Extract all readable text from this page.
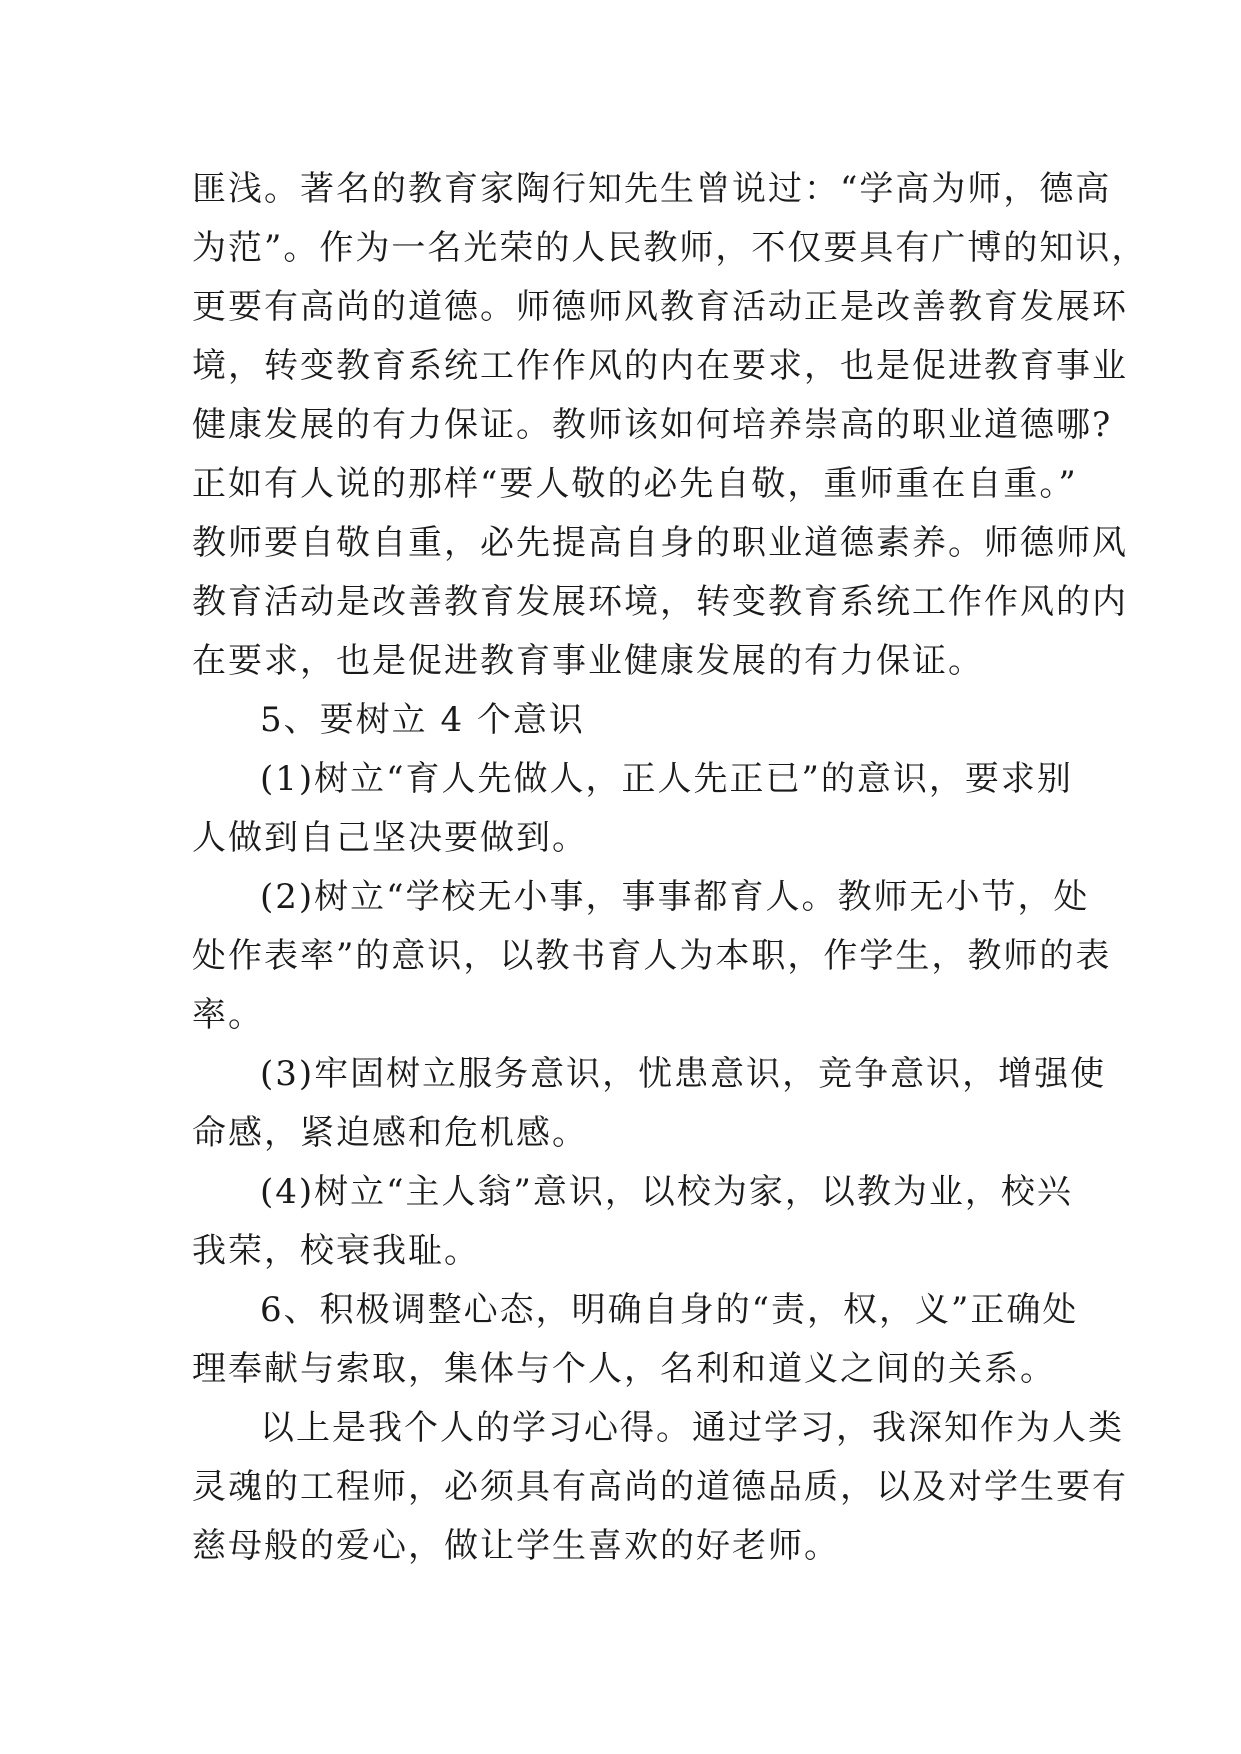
匪浅。著名的教育家陶行知先生曾说过：“学高为师，德高
为范”。作为一名光荣的人民教师，不仅要具有广博的知识，
更要有高尚的道德。师德师风教育活动正是改善教育发展环
境，转变教育系统工作作风的内在要求，也是促进教育事业
健康发展的有力保证。教师该如何培养崇高的职业道德哪?
正如有人说的那样“要人敬的必先自敬，重师重在自重。”
教师要自敬自重，必先提高自身的职业道德素养。师德师风
教育活动是改善教育发展环境，转变教育系统工作作风的内
在要求，也是促进教育事业健康发展的有力保证。

5、要树立 4 个意识

(1)树立“育人先做人，正人先正已”的意识，要求别
人做到自己坚决要做到。

(2)树立“学校无小事，事事都育人。教师无小节，处
处作表率”的意识，以教书育人为本职，作学生，教师的表
率。

(3)牢固树立服务意识，忧患意识，竞争意识，增强使
命感，紧迫感和危机感。

(4)树立“主人翁”意识，以校为家，以教为业，校兴
我荣，校衰我耻。

6、积极调整心态，明确自身的“责，权，义”正确处
理奉献与索取，集体与个人，名利和道义之间的关系。

以上是我个人的学习心得。通过学习，我深知作为人类
灵魂的工程师，必须具有高尚的道德品质，以及对学生要有
慈母般的爱心，做让学生喜欢的好老师。
